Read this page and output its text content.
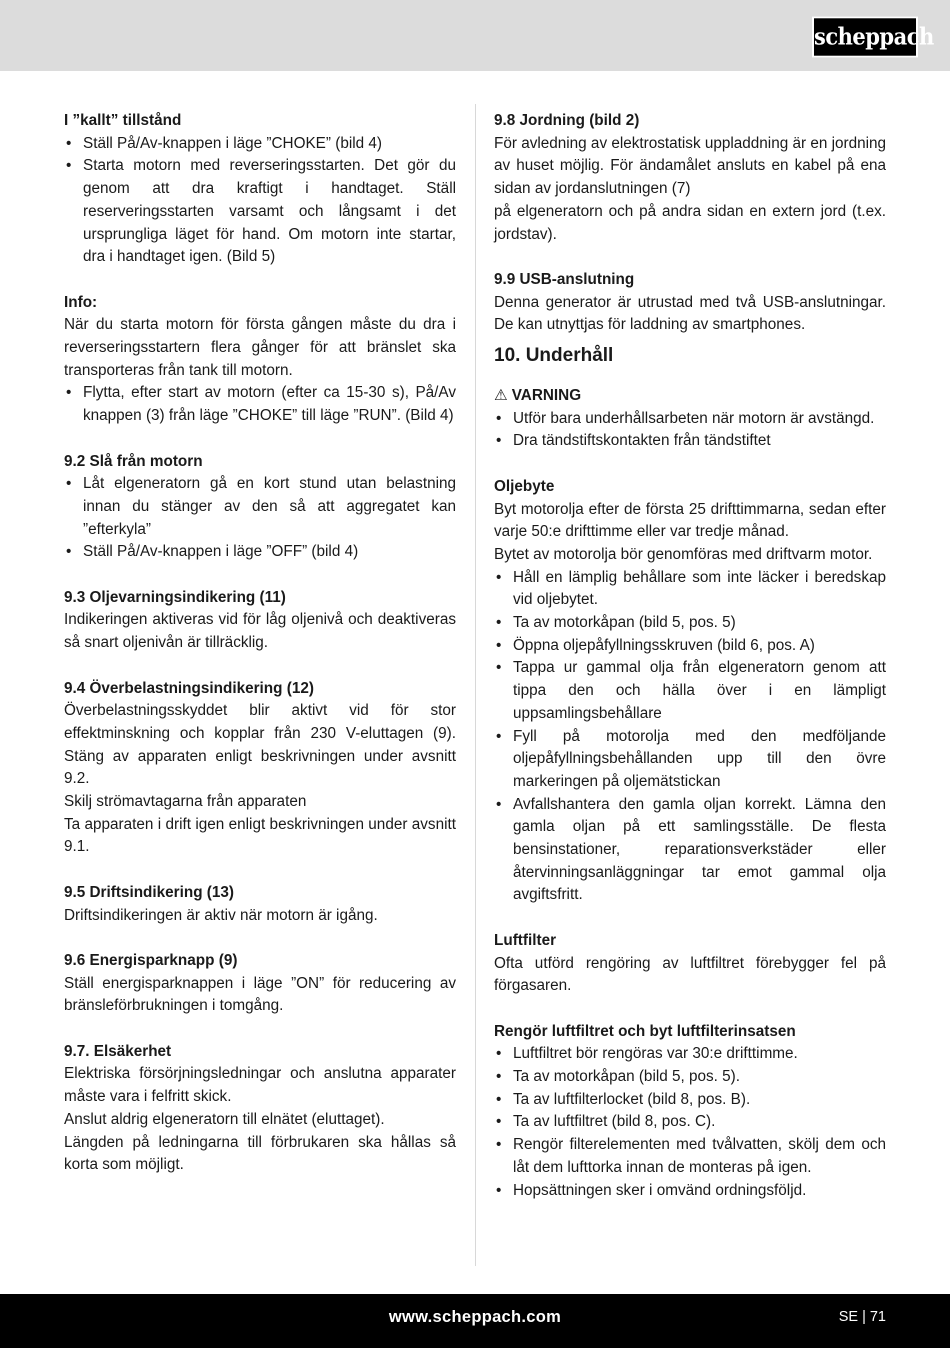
scheppach
I ”kallt” tillstånd
• Ställ På/Av-knappen i läge ”CHOKE” (bild 4)
• Starta motorn med reverseringsstarten. Det gör du genom att dra kraftigt i handtaget. Ställ reserveringsstarten varsamt och långsamt i det ursprungliga läget för hand. Om motorn inte startar, dra i handtaget igen. (Bild 5)
Info:

När du starta motorn för första gången måste du dra i reverseringsstartern flera gånger för att bränslet ska transporteras från tank till motorn.

• Flytta, efter start av motorn (efter ca 15-30 s), På/Av knappen (3) från läge ”CHOKE” till läge ”RUN”. (Bild 4)
9.2 Slå från motorn
• Låt elgeneratorn gå en kort stund utan belastning innan du stänger av den så att aggregatet kan ”efterkyla”
• Ställ På/Av-knappen i läge ”OFF” (bild 4)
9.3 Oljevarningsindikering (11)

Indikeringen aktiveras vid för låg oljenivå och deaktiveras så snart oljenivån är tillräcklig.

9.4 Överbelastningsindikering (12)

Överbelastningsskyddet blir aktivt vid för stor effektminskning och kopplar från 230 V-eluttagen (9). Stäng av apparaten enligt beskrivningen under avsnitt 9.2.

Skilj strömavtagarna från apparaten

Ta apparaten i drift igen enligt beskrivningen under avsnitt 9.1.

9.5 Driftsindikering (13)

Driftsindikeringen är aktiv när motorn är igång.

9.6 Energisparknapp (9)

Ställ energisparknappen i läge ”ON” för reducering av bränsleförbrukningen i tomgång.

9.7. Elsäkerhet

Elektriska försörjningsledningar och anslutna apparater måste vara i felfritt skick.

Anslut aldrig elgeneratorn till elnätet (eluttaget).

Längden på ledningarna till förbrukaren ska hållas så korta som möjligt.

9.8 Jordning (bild 2)

För avledning av elektrostatisk uppladdning är en jordning av huset möjlig. För ändamålet ansluts en kabel på ena sidan av jordanslutningen (7)

på elgeneratorn och på andra sidan en extern jord (t.ex. jordstav).

9.9 USB-anslutning

Denna generator är utrustad med två USB-anslutningar. De kan utnyttjas för laddning av smartphones.

10. Underhåll
⚠ VARNING
• Utför bara underhållsarbeten när motorn är avstängd.
• Dra tändstiftskontakten från tändstiftet
Oljebyte

Byt motorolja efter de första 25 drifttimmarna, sedan efter varje 50:e drifttimme eller var tredje månad.

Bytet av motorolja bör genomföras med driftvarm motor.

• Håll en lämplig behållare som inte läcker i beredskap vid oljebytet.
• Ta av motorkåpan (bild 5, pos. 5)
• Öppna oljepåfyllningsskruven (bild 6, pos. A)
• Tappa ur gammal olja från elgeneratorn genom att tippa den och hälla över i en lämpligt uppsamlingsbehållare
• Fyll på motorolja med den medföljande oljepåfyllningsbehållanden upp till den övre markeringen på oljemätstickan
• Avfallshantera den gamla oljan korrekt. Lämna den gamla oljan på ett samlingsställe. De flesta bensinstationer, reparationsverkstäder eller återvinningsanläggningar tar emot gammal olja avgiftsfritt.
Luftfilter

Ofta utförd rengöring av luftfiltret förebygger fel på förgasaren.

Rengör luftfiltret och byt luftfilterinsatsen
• Luftfiltret bör rengöras var 30:e drifttimme.
• Ta av motorkåpan (bild 5, pos. 5).
• Ta av luftfilterlocket (bild 8, pos. B).
• Ta av luftfiltret (bild 8, pos. C).
• Rengör filterelementen med tvålvatten, skölj dem och låt dem lufttorka innan de monteras på igen.
• Hopsättningen sker i omvänd ordningsföljd.
www.scheppach.com	SE | 71
